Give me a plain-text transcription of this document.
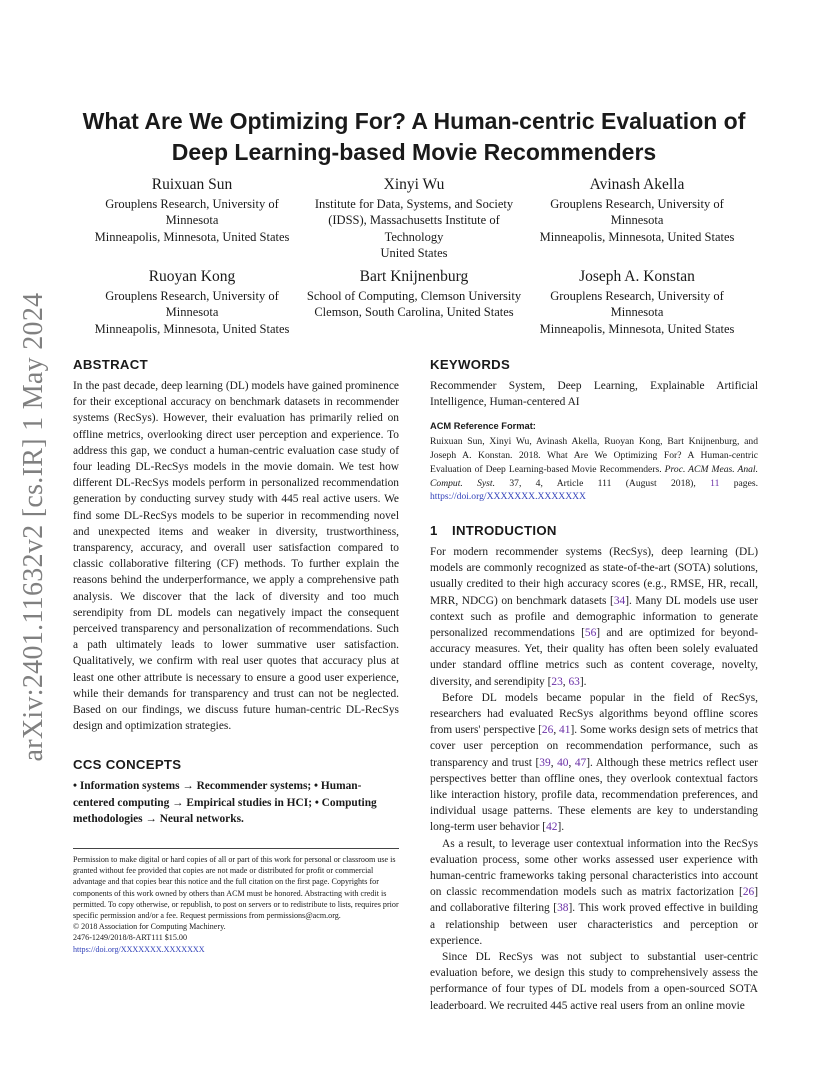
arXiv:2401.11632v2 [cs.IR] 1 May 2024
What Are We Optimizing For? A Human-centric Evaluation of Deep Learning-based Movie Recommenders
Ruixuan Sun
Grouplens Research, University of Minnesota
Minneapolis, Minnesota, United States
Xinyi Wu
Institute for Data, Systems, and Society (IDSS), Massachusetts Institute of Technology
United States
Avinash Akella
Grouplens Research, University of Minnesota
Minneapolis, Minnesota, United States
Ruoyan Kong
Grouplens Research, University of Minnesota
Minneapolis, Minnesota, United States
Bart Knijnenburg
School of Computing, Clemson University
Clemson, South Carolina, United States
Joseph A. Konstan
Grouplens Research, University of Minnesota
Minneapolis, Minnesota, United States
ABSTRACT

In the past decade, deep learning (DL) models have gained prominence for their exceptional accuracy on benchmark datasets in recommender systems (RecSys). However, their evaluation has primarily relied on offline metrics, overlooking direct user perception and experience. To address this gap, we conduct a human-centric evaluation case study of four leading DL-RecSys models in the movie domain. We test how different DL-RecSys models perform in personalized recommendation generation by conducting survey study with 445 real active users. We find some DL-RecSys models to be superior in recommending novel and unexpected items and weaker in diversity, trustworthiness, transparency, accuracy, and overall user satisfaction compared to classic collaborative filtering (CF) methods. To further explain the reasons behind the underperformance, we apply a comprehensive path analysis. We discover that the lack of diversity and too much serendipity from DL models can negatively impact the consequent perceived transparency and personalization of recommendations. Such a path ultimately leads to lower summative user satisfaction. Qualitatively, we confirm with real user quotes that accuracy plus at least one other attribute is necessary to ensure a good user experience, while their demands for transparency and trust can not be neglected. Based on our findings, we discuss future human-centric DL-RecSys design and optimization strategies.

CCS CONCEPTS

• Information systems → Recommender systems; • Human-centered computing → Empirical studies in HCI; • Computing methodologies → Neural networks.

Permission to make digital or hard copies of all or part of this work for personal or classroom use is granted without fee provided that copies are not made or distributed for profit or commercial advantage and that copies bear this notice and the full citation on the first page. Copyrights for components of this work owned by others than ACM must be honored. Abstracting with credit is permitted. To copy otherwise, or republish, to post on servers or to redistribute to lists, requires prior specific permission and/or a fee. Request permissions from permissions@acm.org.

© 2018 Association for Computing Machinery.
2476-1249/2018/8-ART111 $15.00
https://doi.org/XXXXXXX.XXXXXXX
KEYWORDS

Recommender System, Deep Learning, Explainable Artificial Intelligence, Human-centered AI

ACM Reference Format:
Ruixuan Sun, Xinyi Wu, Avinash Akella, Ruoyan Kong, Bart Knijnenburg, and Joseph A. Konstan. 2018. What Are We Optimizing For? A Human-centric Evaluation of Deep Learning-based Movie Recommenders. Proc. ACM Meas. Anal. Comput. Syst. 37, 4, Article 111 (August 2018), 11 pages. https://doi.org/XXXXXXX.XXXXXXX
1 INTRODUCTION

For modern recommender systems (RecSys), deep learning (DL) models are commonly recognized as state-of-the-art (SOTA) solutions, usually credited to their high accuracy scores (e.g., RMSE, HR, recall, MRR, NDCG) on benchmark datasets [34]. Many DL models use user context such as profile and demographic information to generate personalized recommendations [56] and are optimized for beyond-accuracy measures. Yet, their quality has often been solely evaluated under standard offline metrics such as content coverage, novelty, diversity, and serendipity [23, 63].

Before DL models became popular in the field of RecSys, researchers had evaluated RecSys algorithms beyond offline scores from users' perspective [26, 41]. Some works design sets of metrics that cover user perception on recommendation performance, such as transparency and trust [39, 40, 47]. Although these metrics reflect user perspectives better than offline ones, they overlook contextual factors like interaction history, profile data, recommendation preferences, and individual usage patterns. These elements are key to understanding long-term user behavior [42].

As a result, to leverage user contextual information into the RecSys evaluation process, some other works assessed user experience with human-centric frameworks taking personal characteristics into account on classic recommendation models such as matrix factorization [26] and collaborative filtering [38]. This work proved effective in building a relationship between user characteristics and perception or experience.

Since DL RecSys was not subject to substantial user-centric evaluation before, we design this study to comprehensively assess the performance of four types of DL models from a open-sourced SOTA leaderboard. We recruited 445 active real users from an online movie
